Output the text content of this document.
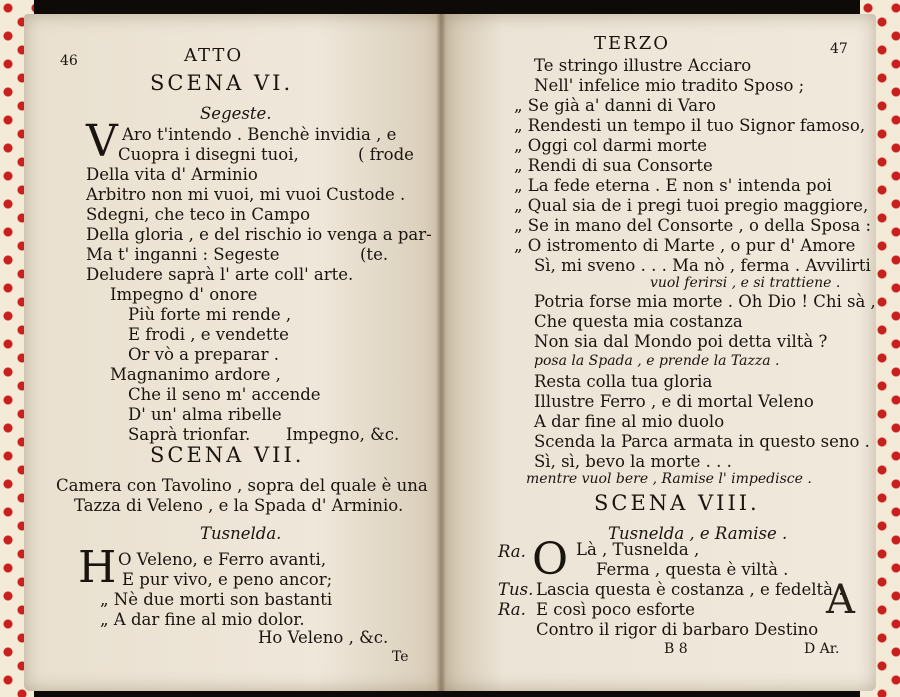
46	ATTO
SCENA VI.
Segeste.
V Aro t'intendo . Benchè invidia , e
Cuopra i disegni tuoi,	( frode
Della vita d' Arminio
Arbitro non mi vuoi, mi vuoi Custode .
Sdegni, che teco in Campo
Della gloria , e del rischio io venga a par-
Ma t' inganni : Segeste	(te.
Deludere saprà l' arte coll' arte.
Impegno d' onore
Più forte mi rende ,
E frodi , e vendette
Or vò a preparar .
Magnanimo ardore ,
Che il seno m' accende
D' un' alma ribelle
Saprà trionfar. Impegno, &c.
SCENA VII.
Camera con Tavolino , sopra del quale è una
Tazza di Veleno , e la Spada d' Arminio.
Tusnelda.
H O Veleno, e Ferro avanti,
E pur vivo, e peno ancor;
„ Nè due morti son bastanti
„ A dar fine al mio dolor.
Ho Veleno , &c.
Te
TERZO	47
Te stringo illustre Acciaro
Nell' infelice mio tradito Sposo ;
„ Se già a' danni di Varo
„ Rendesti un tempo il tuo Signor famoso,
„ Oggi col darmi morte
„ Rendi di sua Consorte
„ La fede eterna . E non s' intenda poi
„ Qual sia de i pregi tuoi pregio maggiore,
„ Se in mano del Consorte , o della Sposa :
„ O istromento di Marte , o pur d' Amore
Sì, mi sveno . . . Ma nò , ferma . Avvilirti
vuol ferirsi , e si trattiene .
Potria forse mia morte . Oh Dio ! Chi sà ,
Che questa mia costanza
Non sia dal Mondo poi detta viltà ?
posa la Spada , e prende la Tazza .
Resta colla tua gloria
Illustre Ferro , e di mortal Veleno
A dar fine al mio duolo
Scenda la Parca armata in questo seno .
Sì, sì, bevo la morte . . .
mentre vuol bere , Ramise l' impedisce .
SCENA VIII.
Tusnelda , e Ramise .
Ra. O Là , Tusnelda ,
Ferma , questa è viltà .
Tus. Lascia questa è costanza , e fedeltà .
Ra. E così poco esforte
Contro il rigor di barbaro Destino
A
B 8	D Ar.
